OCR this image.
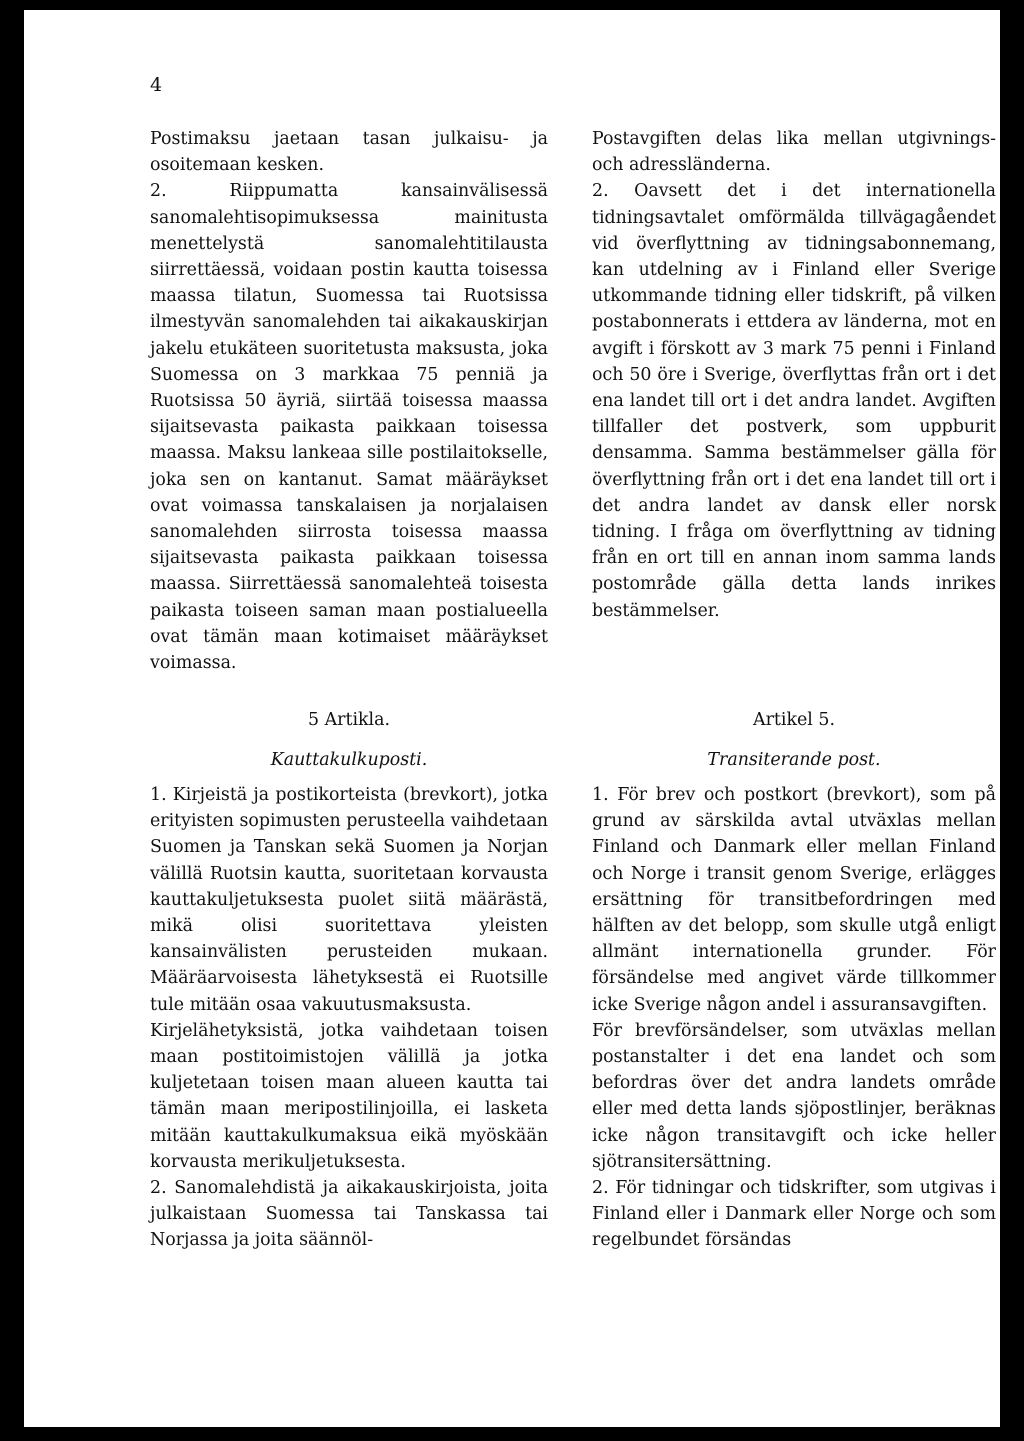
4

Postimaksu jaetaan tasan julkaisu- ja osoitemaan kesken.

2. Riippumatta kansainvälisessä sanomalehtisopimuksessa mainitusta menettelystä sanomalehtitilausta siirrettäessä, voidaan postin kautta toisessa maassa tilatun, Suomessa tai Ruotsissa ilmestyvän sanomalehden tai aikakauskirjan jakelu etukäteen suoritetusta maksusta, joka Suomessa on 3 markkaa 75 penniä ja Ruotsissa 50 äyriä, siirtää toisessa maassa sijaitsevasta paikasta paikkaan toisessa maassa. Maksu lankeaa sille postilaitokselle, joka sen on kantanut. Samat määräykset ovat voimassa tanskalaisen ja norjalaisen sanomalehden siirrosta toisessa maassa sijaitsevasta paikasta paikkaan toisessa maassa. Siirrettäessä sanomalehteä toisesta paikasta toiseen saman maan postialueella ovat tämän maan kotimaiset määräykset voimassa.

Postavgiften delas lika mellan utgivnings- och adressländerna.

2. Oavsett det i det internationella tidningsavtalet omförmälda tillvägagåendet vid överflyttning av tidningsabonnemang, kan utdelning av i Finland eller Sverige utkommande tidning eller tidskrift, på vilken postabonnerats i ettdera av länderna, mot en avgift i förskott av 3 mark 75 penni i Finland och 50 öre i Sverige, överflyttas från ort i det ena landet till ort i det andra landet. Avgiften tillfaller det postverk, som uppburit densamma. Samma bestämmelser gälla för överflyttning från ort i det ena landet till ort i det andra landet av dansk eller norsk tidning. I fråga om överflyttning av tidning från en ort till en annan inom samma lands postområde gälla detta lands inrikes bestämmelser.

5 Artikla.	Artikel 5.
Kauttakulkuposti.	Transiterande post.

1. Kirjeistä ja postikorteista (brevkort), jotka erityisten sopimusten perusteella vaihdetaan Suomen ja Tanskan sekä Suomen ja Norjan välillä Ruotsin kautta, suoritetaan korvausta kauttakuljetuksesta puolet siitä määrästä, mikä olisi suoritettava yleisten kansainvälisten perusteiden mukaan. Määräarvoisesta lähetyksestä ei Ruotsille tule mitään osaa vakuutusmaksusta.

Kirjelähetyksistä, jotka vaihdetaan toisen maan postitoimistojen välillä ja jotka kuljetetaan toisen maan alueen kautta tai tämän maan meripostilinjoilla, ei lasketa mitään kauttakulkumaksua eikä myöskään korvausta merikuljetuksesta.

2. Sanomalehdistä ja aikakauskirjoista, joita julkaistaan Suomessa tai Tanskassa tai Norjassa ja joita säännöl-

1. För brev och postkort (brevkort), som på grund av särskilda avtal utväxlas mellan Finland och Danmark eller mellan Finland och Norge i transit genom Sverige, erlägges ersättning för transitbefordringen med hälften av det belopp, som skulle utgå enligt allmänt internationella grunder. För försändelse med angivet värde tillkommer icke Sverige någon andel i assuransavgiften.

För brevförsändelser, som utväxlas mellan postanstalter i det ena landet och som befordras över det andra landets område eller med detta lands sjöpostlinjer, beräknas icke någon transitavgift och icke heller sjötransitersättning.

2. För tidningar och tidskrifter, som utgivas i Finland eller i Danmark eller Norge och som regelbundet försändas
